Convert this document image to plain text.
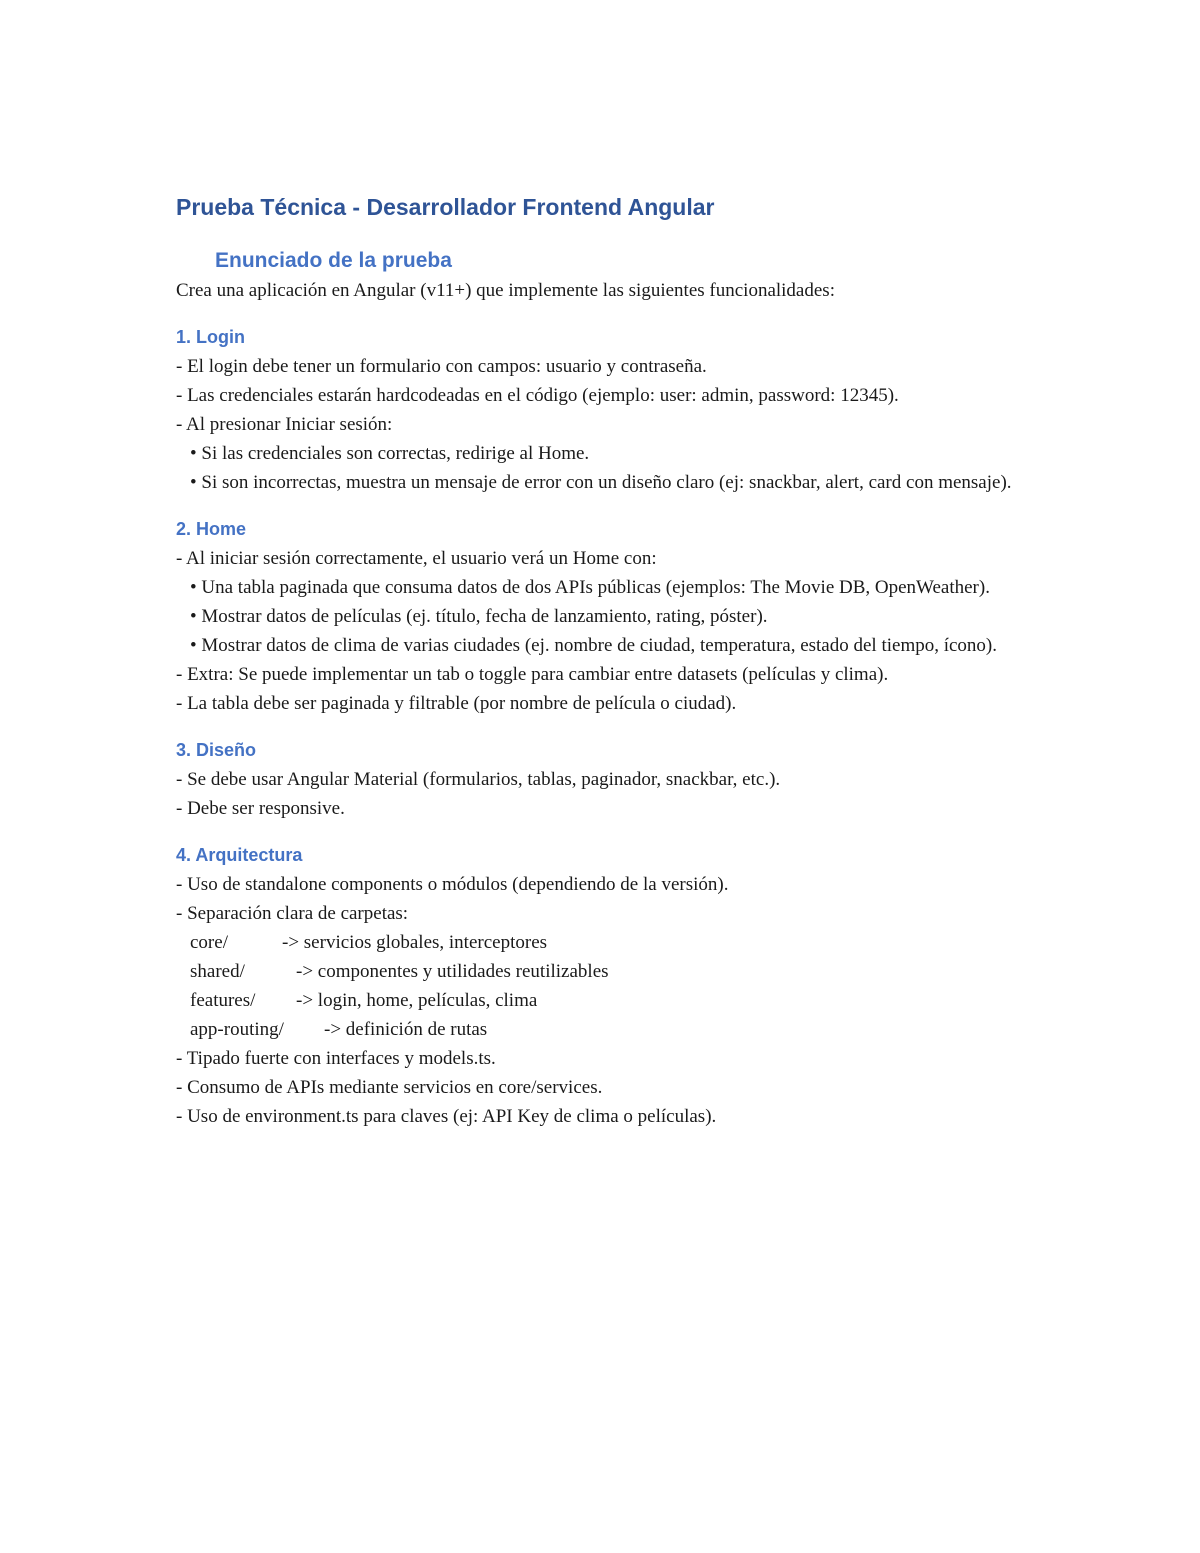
Prueba Técnica - Desarrollador Frontend Angular
Enunciado de la prueba

Crea una aplicación en Angular (v11+) que implemente las siguientes funcionalidades:

1. Login

- El login debe tener un formulario con campos: usuario y contraseña.

- Las credenciales estarán hardcodeadas en el código (ejemplo: user: admin, password: 12345).

- Al presionar Iniciar sesión:

• Si las credenciales son correctas, redirige al Home.

• Si son incorrectas, muestra un mensaje de error con un diseño claro (ej: snackbar, alert, card con mensaje).

2. Home

- Al iniciar sesión correctamente, el usuario verá un Home con:

• Una tabla paginada que consuma datos de dos APIs públicas (ejemplos: The Movie DB, OpenWeather).

• Mostrar datos de películas (ej. título, fecha de lanzamiento, rating, póster).

• Mostrar datos de clima de varias ciudades (ej. nombre de ciudad, temperatura, estado del tiempo, ícono).

- Extra: Se puede implementar un tab o toggle para cambiar entre datasets (películas y clima).

- La tabla debe ser paginada y filtrable (por nombre de película o ciudad).

3. Diseño

- Se debe usar Angular Material (formularios, tablas, paginador, snackbar, etc.).

- Debe ser responsive.

4. Arquitectura

- Uso de standalone components o módulos (dependiendo de la versión).

- Separación clara de carpetas:

core/	-> servicios globales, interceptores
shared/	-> componentes y utilidades reutilizables
features/	-> login, home, películas, clima
app-routing/	-> definición de rutas

- Tipado fuerte con interfaces y models.ts.

- Consumo de APIs mediante servicios en core/services.

- Uso de environment.ts para claves (ej: API Key de clima o películas).
